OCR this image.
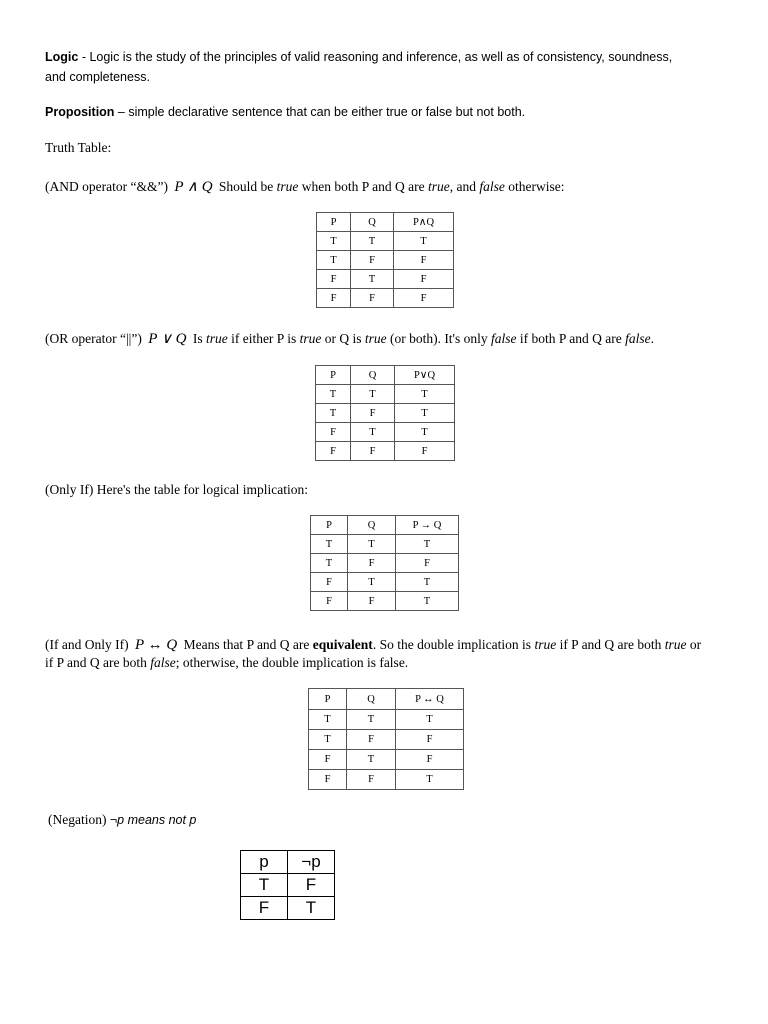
Logic - Logic is the study of the principles of valid reasoning and inference, as well as of consistency, soundness,
and completeness.
Proposition – simple declarative sentence that can be either true or false but not both.
Truth Table:
(AND operator “&&”) P ∧ Q Should be true when both P and Q are true, and false otherwise:
P	Q	P∧Q
T	T	T
T	F	F
F	T	F
F	F	F
(OR operator “||”) P ∨ Q Is true if either P is true or Q is true (or both). It's only false if both P and Q are false.
P	Q	P∨Q
T	T	T
T	F	T
F	T	T
F	F	F
(Only If) Here's the table for logical implication:
P	Q	P → Q
T	T	T
T	F	F
F	T	T
F	F	T
(If and Only If) P ↔ Q Means that P and Q are equivalent. So the double implication is true if P and Q are both true or
if P and Q are both false; otherwise, the double implication is false.
P	Q	P ↔ Q
T	T	T
T	F	F
F	T	F
F	F	T
(Negation) ¬p means not p
p	¬p
T	F
F	T
